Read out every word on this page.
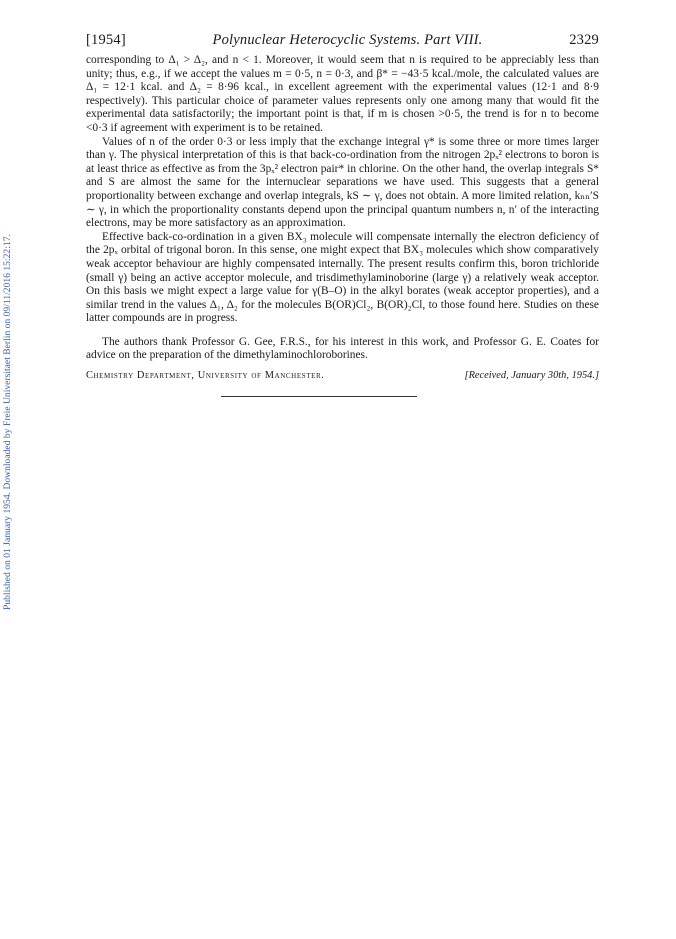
Published on 01 January 1954. Downloaded by Freie Universitaet Berlin on 09/11/2016 15:22:17.
[1954]	Polynuclear Heterocyclic Systems. Part VIII.	2329

corresponding to Δ₁ > Δ₂, and n < 1. Moreover, it would seem that n is required to be appreciably less than unity; thus, e.g., if we accept the values m = 0·5, n = 0·3, and β* = −43·5 kcal./mole, the calculated values are Δ₁ = 12·1 kcal. and Δ₂ = 8·96 kcal., in excellent agreement with the experimental values (12·1 and 8·9 respectively). This particular choice of parameter values represents only one among many that would fit the experimental data satisfactorily; the important point is that, if m is chosen >0·5, the trend is for n to become <0·3 if agreement with experiment is to be retained.

Values of n of the order 0·3 or less imply that the exchange integral γ* is some three or more times larger than γ. The physical interpretation of this is that back-co-ordination from the nitrogen 2pₓ² electrons to boron is at least thrice as effective as from the 3pₓ² electron pair* in chlorine. On the other hand, the overlap integrals S* and S are almost the same for the internuclear separations we have used. This suggests that a general proportionality between exchange and overlap integrals, kS ∼ γ, does not obtain. A more limited relation, kₙₙ′S ∼ γ, in which the proportionality constants depend upon the principal quantum numbers n, n′ of the interacting electrons, may be more satisfactory as an approximation.

Effective back-co-ordination in a given BX₃ molecule will compensate internally the electron deficiency of the 2pₓ orbital of trigonal boron. In this sense, one might expect that BX₃ molecules which show comparatively weak acceptor behaviour are highly compensated internally. The present results confirm this, boron trichloride (small γ) being an active acceptor molecule, and trisdimethylaminoborine (large γ) a relatively weak acceptor. On this basis we might expect a large value for γ(B–O) in the alkyl borates (weak acceptor properties), and a similar trend in the values Δ₁, Δ₂ for the molecules B(OR)Cl₂, B(OR)₂Cl, to those found here. Studies on these latter compounds are in progress.

The authors thank Professor G. Gee, F.R.S., for his interest in this work, and Professor G. E. Coates for advice on the preparation of the dimethylaminochloroborines.

Chemistry Department, University of Manchester.	[Received, January 30th, 1954.]
